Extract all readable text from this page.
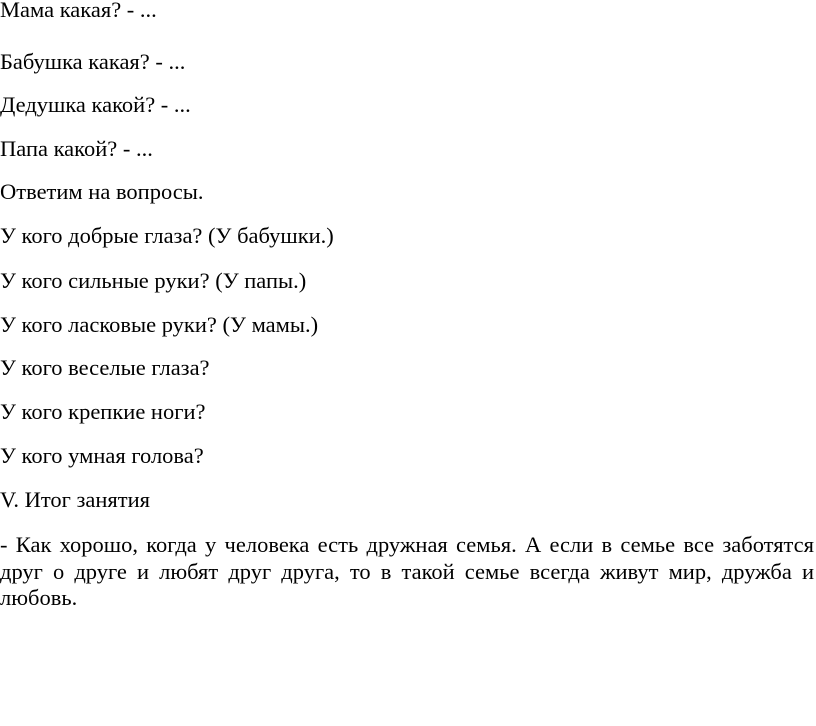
Мама какая? - ...

Бабушка какая? - ...

Дедушка какой? - ...

Папа какой? - ...

Ответим на вопросы.

У кого добрые глаза? (У бабушки.)

У кого сильные руки? (У папы.)

У кого ласковые руки? (У мамы.)

У кого веселые глаза?

У кого крепкие ноги?

У кого умная голова?

V. Итог занятия

- Как хорошо, когда у человека есть дружная семья. А если в семье все заботятся друг о друге и любят друг друга, то в такой семье всегда живут мир, дружба и любовь.
